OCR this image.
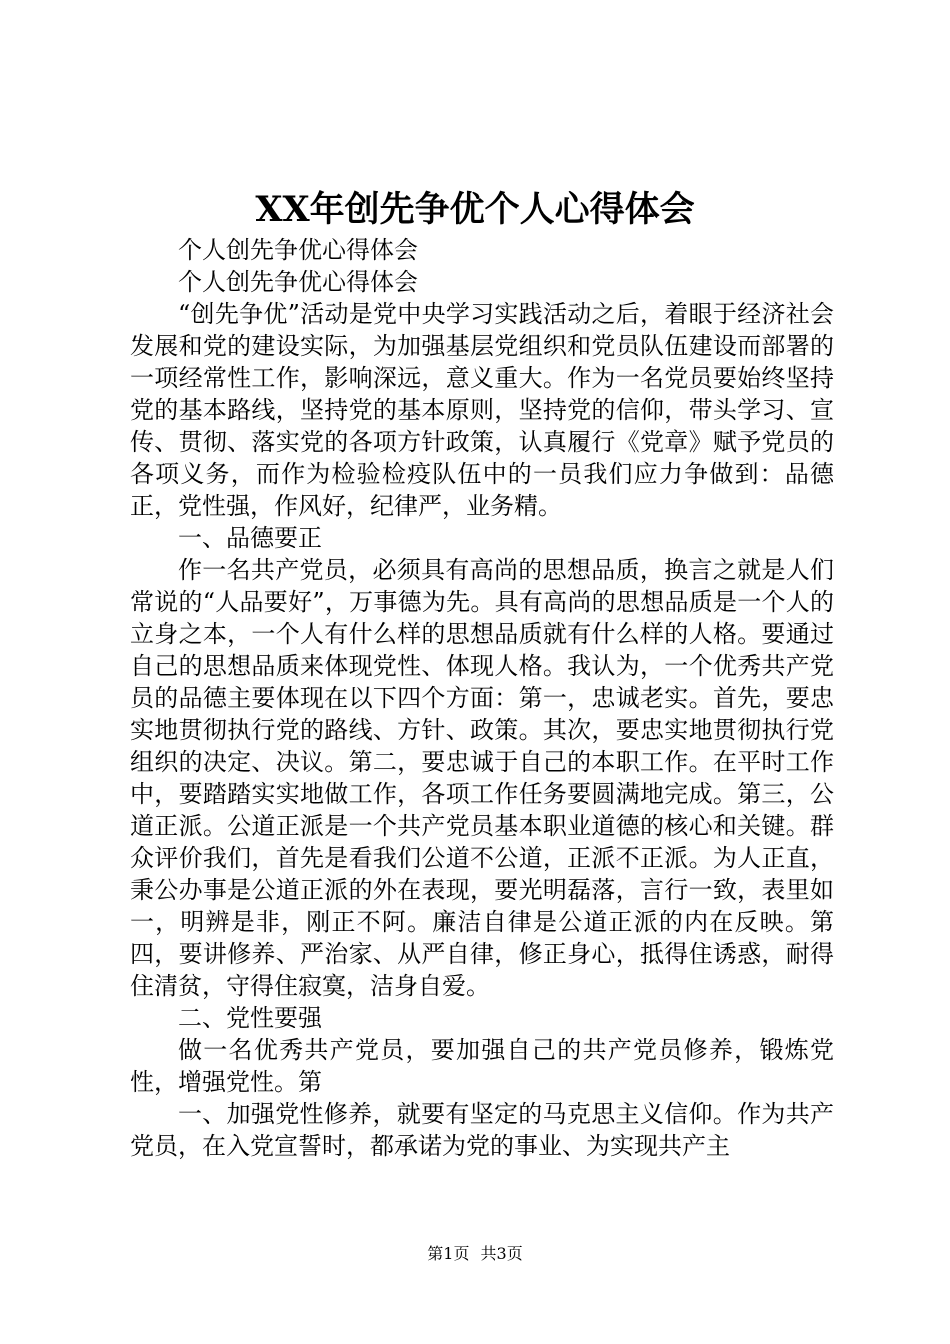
XX年创先争优个人心得体会

个人创先争优心得体会

个人创先争优心得体会

“创先争优”活动是党中央学习实践活动之后，着眼于经济社会发展和党的建设实际，为加强基层党组织和党员队伍建设而部署的一项经常性工作，影响深远，意义重大。作为一名党员要始终坚持党的基本路线，坚持党的基本原则，坚持党的信仰，带头学习、宣传、贯彻、落实党的各项方针政策，认真履行《党章》赋予党员的各项义务，而作为检验检疫队伍中的一员我们应力争做到：品德正，党性强，作风好，纪律严，业务精。

一、品德要正

作一名共产党员，必须具有高尚的思想品质，换言之就是人们常说的“人品要好”，万事德为先。具有高尚的思想品质是一个人的立身之本，一个人有什么样的思想品质就有什么样的人格。要通过自己的思想品质来体现党性、体现人格。我认为，一个优秀共产党员的品德主要体现在以下四个方面：第一，忠诚老实。首先，要忠实地贯彻执行党的路线、方针、政策。其次，要忠实地贯彻执行党组织的决定、决议。第二，要忠诚于自己的本职工作。在平时工作中，要踏踏实实地做工作，各项工作任务要圆满地完成。第三，公道正派。公道正派是一个共产党员基本职业道德的核心和关键。群众评价我们，首先是看我们公道不公道，正派不正派。为人正直，秉公办事是公道正派的外在表现，要光明磊落，言行一致，表里如一，明辨是非，刚正不阿。廉洁自律是公道正派的内在反映。第四，要讲修养、严治家、从严自律，修正身心，抵得住诱惑，耐得住清贫，守得住寂寞，洁身自爱。

二、党性要强

做一名优秀共产党员，要加强自己的共产党员修养，锻炼党性，增强党性。第

一、加强党性修养，就要有坚定的马克思主义信仰。作为共产党员，在入党宣誓时，都承诺为党的事业、为实现共产主

第1页 共3页
